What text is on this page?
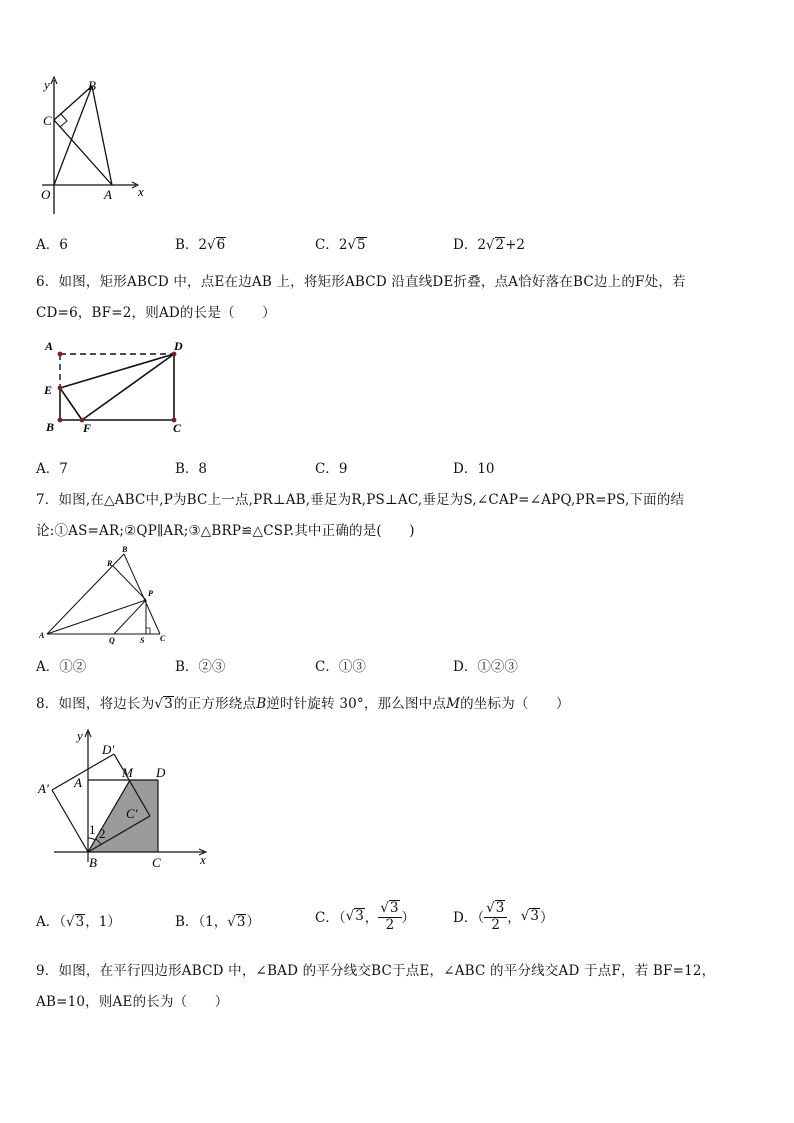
y
x
O	A
B
C
A．6	B．2√6	C．2√5	D．2√2+2
6．如图，矩形ABCD 中，点E在边AB 上，将矩形ABCD 沿直线DE折叠，点A恰好落在BC边上的F处，若
CD=6，BF=2，则AD的长是（　　）
A	D
E
B F	C
A．7	B．8	C．9	D．10
7．如图,在△ABC中,P为BC上一点,PR⊥AB,垂足为R,PS⊥AC,垂足为S,∠CAP=∠APQ,PR=PS,下面的结
论:①AS=AR;②QP∥AR;③△BRP≌△CSP.其中正确的是(　　)
B
R
P
A
Q	S C
A．①②	B．②③	C．①③	D．①②③
8．如图，将边长为√3的正方形绕点B逆时针旋转 30°，那么图中点M的坐标为（　　）
y
x
D′
M D
A′ A
C′
1 2
B	C
A．（√3，1）	B．（1，√3）	C．（√3， $\frac{√3}{2}$ ）	D．（ $\frac{√3}{2}$ ，√3）
9．如图，在平行四边形ABCD 中，∠BAD 的平分线交BC于点E，∠ABC 的平分线交AD 于点F，若 BF=12，
AB=10，则AE的长为（　　）
